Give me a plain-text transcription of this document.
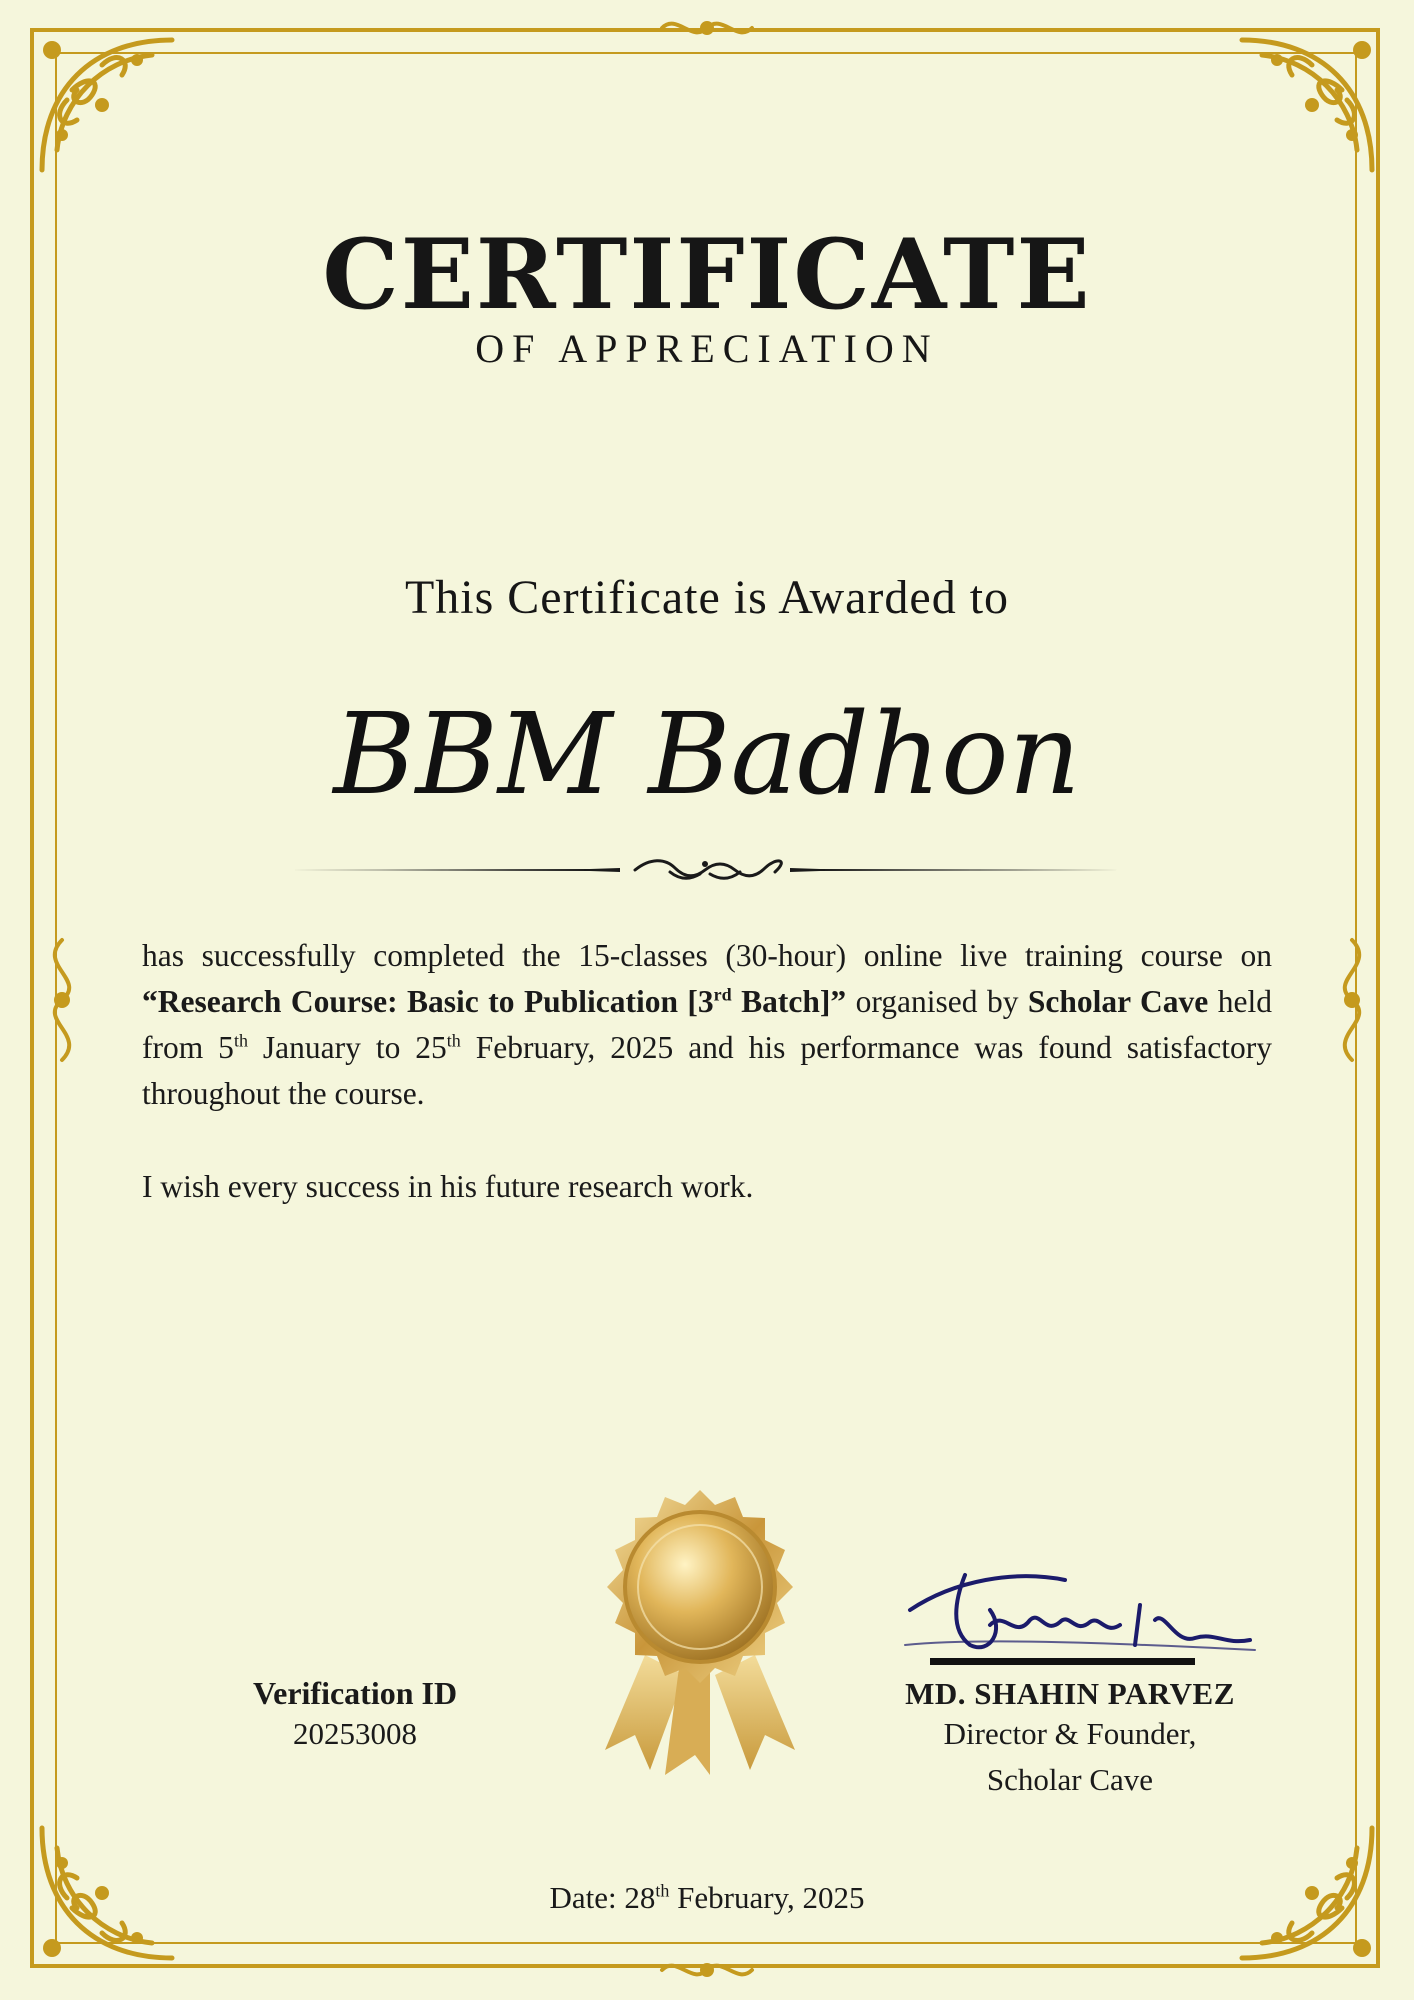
CERTIFICATE
OF APPRECIATION
This Certificate is Awarded to
BBM Badhon
has successfully completed the 15-classes (30-hour) online live training course on “Research Course: Basic to Publication [3rd Batch]” organised by Scholar Cave held from 5th January to 25th February, 2025 and his performance was found satisfactory throughout the course.
I wish every success in his future research work.
Verification ID
20253008
MD. SHAHIN PARVEZ
Director & Founder,
Scholar Cave
Date: 28th February, 2025
